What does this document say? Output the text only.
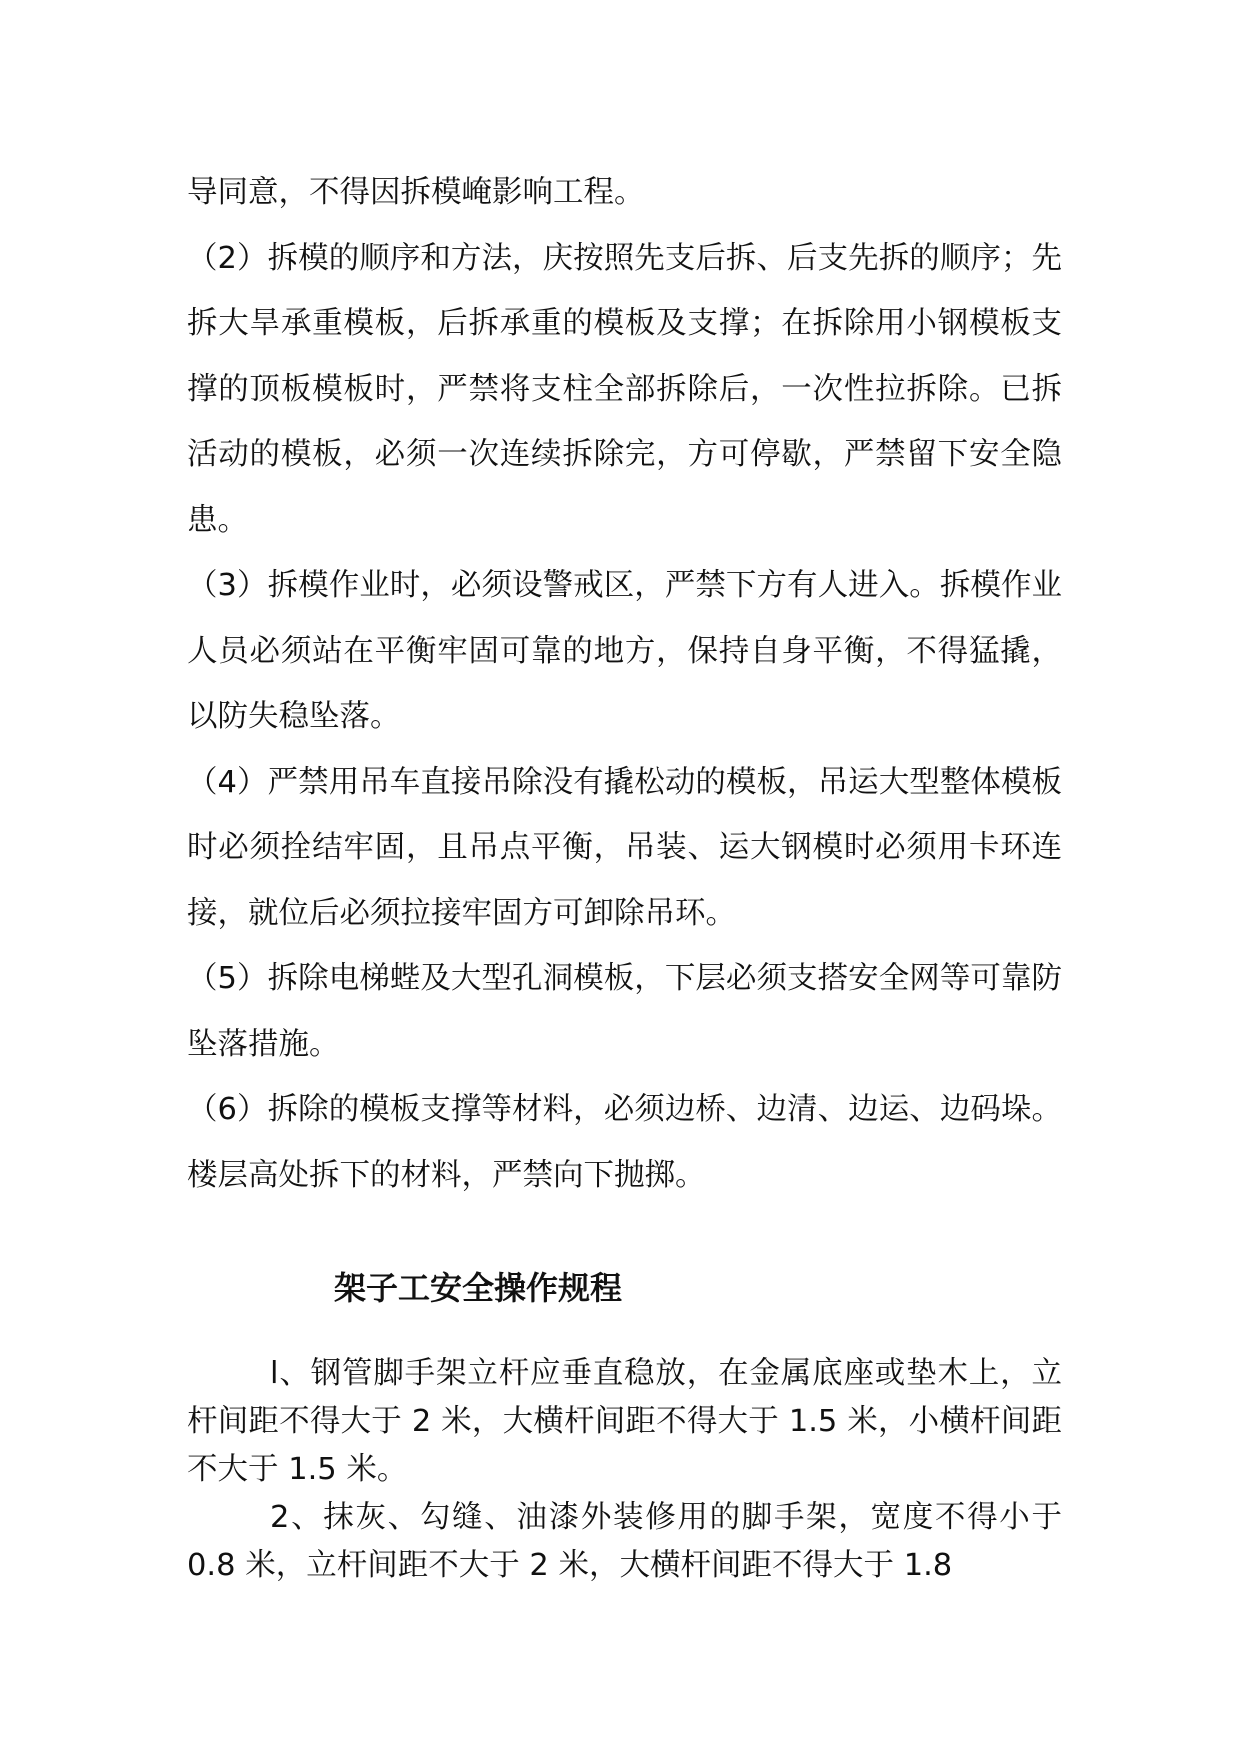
导同意，不得因拆模崦影响工程。

（2）拆模的顺序和方法，庆按照先支后拆、后支先拆的顺序；先拆大旱承重模板，后拆承重的模板及支撑；在拆除用小钢模板支撑的顶板模板时，严禁将支柱全部拆除后，一次性拉拆除。已拆活动的模板，必须一次连续拆除完，方可停歇，严禁留下安全隐患。

（3）拆模作业时，必须设警戒区，严禁下方有人进入。拆模作业人员必须站在平衡牢固可靠的地方，保持自身平衡，不得猛撬，以防失稳坠落。

（4）严禁用吊车直接吊除没有撬松动的模板，吊运大型整体模板时必须拴结牢固，且吊点平衡，吊装、运大钢模时必须用卡环连接，就位后必须拉接牢固方可卸除吊环。

（5）拆除电梯蜌及大型孔洞模板，下层必须支搭安全网等可靠防坠落措施。

（6）拆除的模板支撑等材料，必须边桥、边清、边运、边码垛。楼层高处拆下的材料，严禁向下抛掷。

架子工安全操作规程

l、钢管脚手架立杆应垂直稳放，在金属底座或垫木上，立杆间距不得大于 2 米，大横杆间距不得大于 1.5 米，小横杆间距不大于 1.5 米。

2、抹灰、勾缝、油漆外装修用的脚手架，宽度不得小于 0.8 米，立杆间距不大于 2 米，大横杆间距不得大于 1.8
